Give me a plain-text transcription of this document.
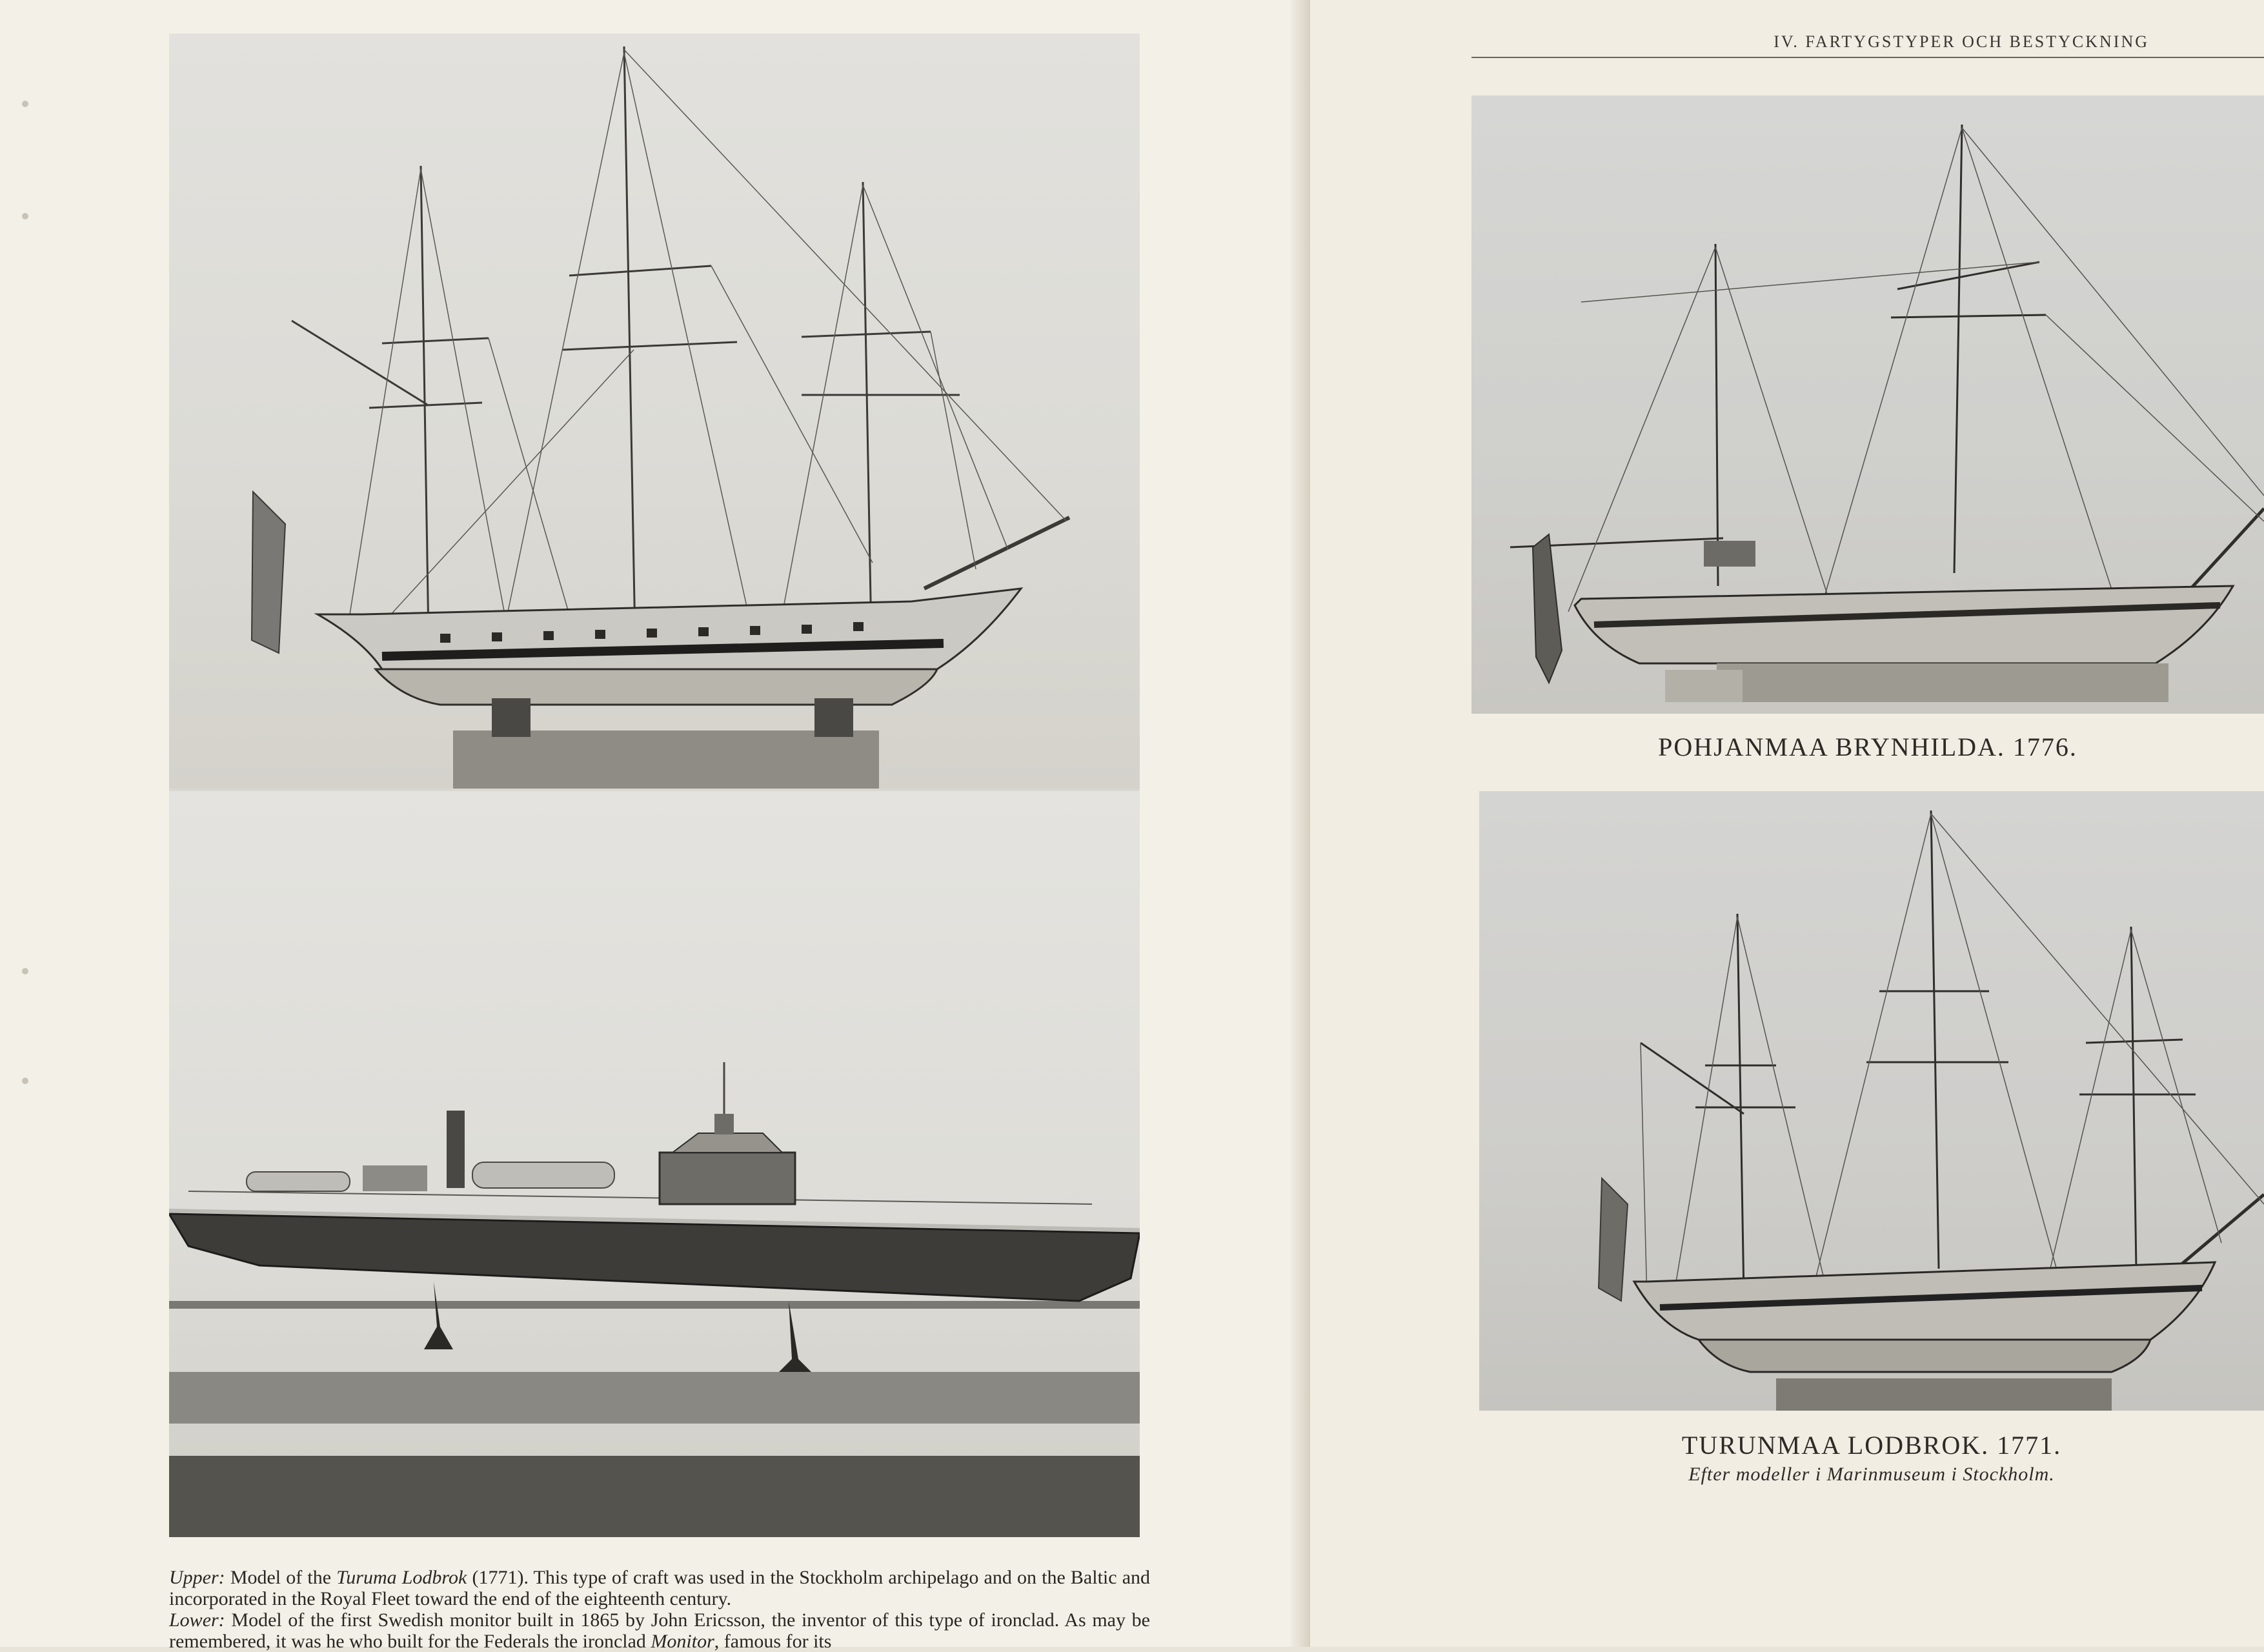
Upper: Model of the Turuma Lodbrok (1771). This type of craft was used in the Stockholm archipelago and on the Baltic and incorporated in the Royal Fleet toward the end of the eighteenth century.

Lower: Model of the first Swedish monitor built in 1865 by John Ericsson, the inventor of this type of ironclad. As may be remembered, it was he who built for the Federals the ironclad Monitor, famous for its

IV. FARTYGSTYPER OCH BESTYCKNING
POHJANMAA BRYNHILDA. 1776.
TURUNMAA LODBROK. 1771.
Efter modeller i Marinmuseum i Stockholm.
